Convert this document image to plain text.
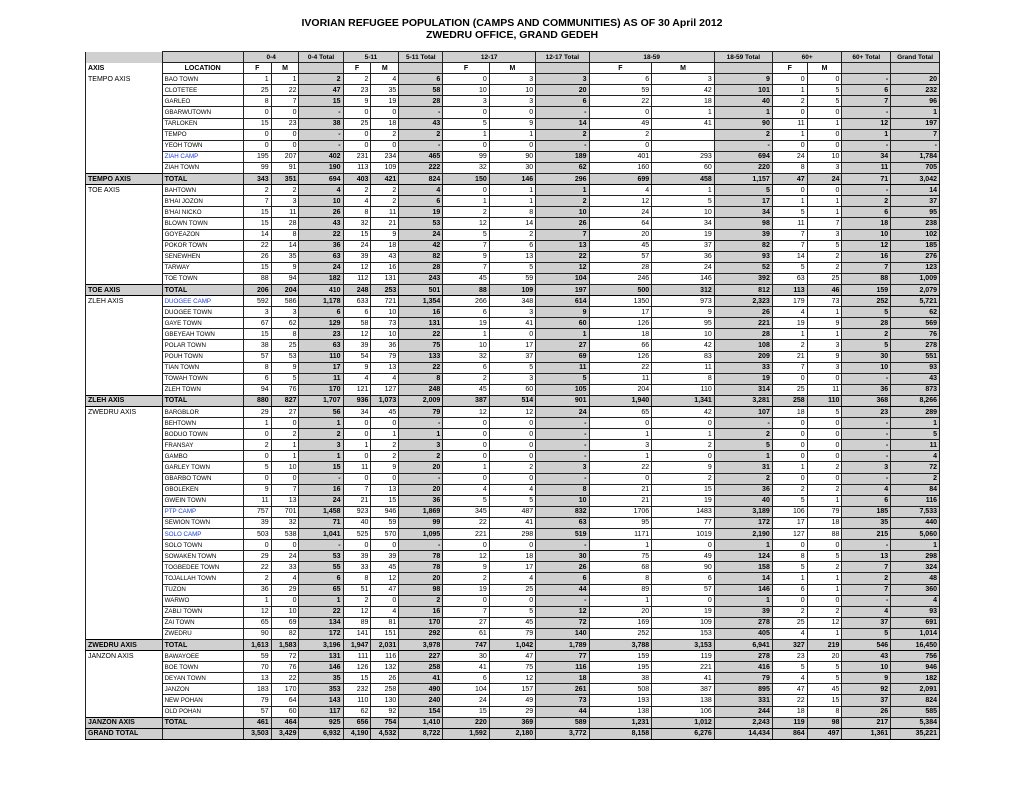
IVORIAN REFUGEE POPULATION (CAMPS AND COMMUNITIES) AS OF 30 April 2012
ZWEDRU OFFICE, GRAND GEDEH
		0-4		0-4 Total	5-11		5-11 Total	12-17		12-17 Total	18-59		18-59 Total	60+		60+ Total	Grand Total
AXIS	LOCATION	F	M		F	M		F	M		F	M		F	M		
TEMPO AXIS	BAO TOWN	1	1	2	2	4	6	0	3	3	6	3	9	0	0	-	20
	CLOTETEE	25	22	47	23	35	58	10	10	20	59	42	101	1	5	6	232
	GARLEO	8	7	15	9	19	28	3	3	6	22	18	40	2	5	7	96
	GBARWUTOWN	0	0	-	0	0	-	0	0	-	0	1	1	0	0	-	1
	TARLOKEN	15	23	38	25	18	43	5	9	14	49	41	90	11	1	12	197
	TEMPO	0	0	-	0	2	2	1	1	2	2		2	1	0	1	7
	YEOH TOWN	0	0	-	0	0	-	0	0	-	0		-	0	0	-	-
	ZIAH CAMP	195	207	402	231	234	465	99	90	189	401	293	694	24	10	34	1,784
	ZIAH TOWN	99	91	190	113	109	222	32	30	62	160	60	220	8	3	11	705
TEMPO AXIS	TOTAL	343	351	694	403	421	824	150	146	296	699	458	1,157	47	24	71	3,042
TOE AXIS	BAHTOWN	2	2	4	2	2	4	0	1	1	4	1	5	0	0	-	14
	B'HAI JOZON	7	3	10	4	2	6	1	1	2	12	5	17	1	1	2	37
	B'HAI NICKO	15	11	26	8	11	19	2	8	10	24	10	34	5	1	6	95
	BLOWN TOWN	15	28	43	32	21	53	12	14	26	64	34	98	11	7	18	238
	GOYEAZON	14	8	22	15	9	24	5	2	7	20	19	39	7	3	10	102
	POKOR TOWN	22	14	36	24	18	42	7	6	13	45	37	82	7	5	12	185
	SENEWHEN	26	35	63	39	43	82	9	13	22	57	36	93	14	2	16	276
	TARWAY	15	9	24	12	16	28	7	5	12	28	24	52	5	2	7	123
	TOE TOWN	88	94	182	112	131	243	45	59	104	246	146	392	63	25	88	1,009
TOE AXIS	TOTAL	206	204	410	248	253	501	88	109	197	500	312	812	113	46	159	2,079
ZLEH AXIS	DUOGEE CAMP	592	586	1,178	633	721	1,354	266	348	614	1350	973	2,323	179	73	252	5,721
	DUOGEE TOWN	3	3	6	6	10	16	6	3	9	17	9	26	4	1	5	62
	GAYE TOWN	67	62	129	58	73	131	19	41	60	126	95	221	19	9	28	569
	GBEYEAH TOWN	15	8	23	12	10	22	1	0	1	18	10	28	1	1	2	76
	POLAR TOWN	38	25	63	39	36	75	10	17	27	66	42	108	2	3	5	278
	POUH TOWN	57	53	110	54	79	133	32	37	69	126	83	209	21	9	30	551
	TIAN TOWN	8	9	17	9	13	22	6	5	11	22	11	33	7	3	10	93
	TOWAH TOWN	6	5	11	4	4	8	2	3	5	11	8	19	0	0	-	43
	ZLEH TOWN	94	76	170	121	127	248	45	60	105	204	110	314	25	11	36	873
ZLEH AXIS	TOTAL	880	827	1,707	936	1,073	2,009	387	514	901	1,940	1,341	3,281	258	110	368	8,266
ZWEDRU AXIS	BARGBLOR	29	27	56	34	45	79	12	12	24	65	42	107	18	5	23	289
	BEHTOWN	1	0	1	0	0	-	0	0	-	0	0	-	0	0	-	1
	BODUO TOWN	0	2	2	0	1	1	0	0	-	1	1	2	0	0	-	5
	FRANSAY	2	1	3	1	2	3	0	0	-	3	2	5	0	0	-	11
	GAMBO	0	1	1	0	2	2	0	0	-	1	0	1	0	0	-	4
	GARLEY TOWN	5	10	15	11	9	20	1	2	3	22	9	31	1	2	3	72
	GBARBO TOWN	0	0	-	0	0	-	0	0	-	0	2	2	0	0	-	2
	GBOLEKEN	9	7	16	7	13	20	4	4	8	21	15	36	2	2	4	84
	GWEIN TOWN	11	13	24	21	15	36	5	5	10	21	19	40	5	1	6	116
	PTP CAMP	757	701	1,458	923	946	1,869	345	487	832	1706	1483	3,189	106	79	185	7,533
	SEWION TOWN	39	32	71	40	59	99	22	41	63	95	77	172	17	18	35	440
	SOLO CAMP	503	538	1,041	525	570	1,095	221	298	519	1171	1019	2,190	127	88	215	5,060
	SOLO TOWN	0	0	-	0	0	-	0	0	-	1	0	1	0	0	-	1
	SOWAKEN TOWN	29	24	53	39	39	78	12	18	30	75	49	124	8	5	13	298
	TOGBEDEE TOWN	22	33	55	33	45	78	9	17	26	68	90	158	5	2	7	324
	TOJALLAH TOWN	2	4	6	8	12	20	2	4	6	8	6	14	1	1	2	48
	TUZON	36	29	65	51	47	98	19	25	44	89	57	146	6	1	7	360
	WARWO	1	0	1	2	0	2	0	0	-	1	0	1	0	0	-	4
	ZABLI TOWN	12	10	22	12	4	16	7	5	12	20	19	39	2	2	4	93
	ZAI TOWN	65	69	134	89	81	170	27	45	72	169	109	278	25	12	37	691
	ZWEDRU	90	82	172	141	151	292	61	79	140	252	153	405	4	1	5	1,014
ZWEDRU AXIS	TOTAL	1,613	1,583	3,196	1,947	2,031	3,978	747	1,042	1,789	3,788	3,153	6,941	327	219	546	16,450
JANZON AXIS	BAWAYOEE	59	72	131	111	116	227	30	47	77	159	119	278	23	20	43	756
	BOE TOWN	70	76	146	126	132	258	41	75	116	195	221	416	5	5	10	946
	DEYAN TOWN	13	22	35	15	26	41	6	12	18	38	41	79	4	5	9	182
	JANZON	183	170	353	232	258	490	104	157	261	508	387	895	47	45	92	2,091
	NEW POHAN	79	64	143	110	130	240	24	49	73	193	138	331	22	15	37	824
	OLD POHAN	57	60	117	62	92	154	15	29	44	138	106	244	18	8	26	585
JANZON AXIS	TOTAL	461	464	925	656	754	1,410	220	369	589	1,231	1,012	2,243	119	98	217	5,384
GRAND TOTAL		3,503	3,429	6,932	4,190	4,532	8,722	1,592	2,180	3,772	8,158	6,276	14,434	864	497	1,361	35,221
